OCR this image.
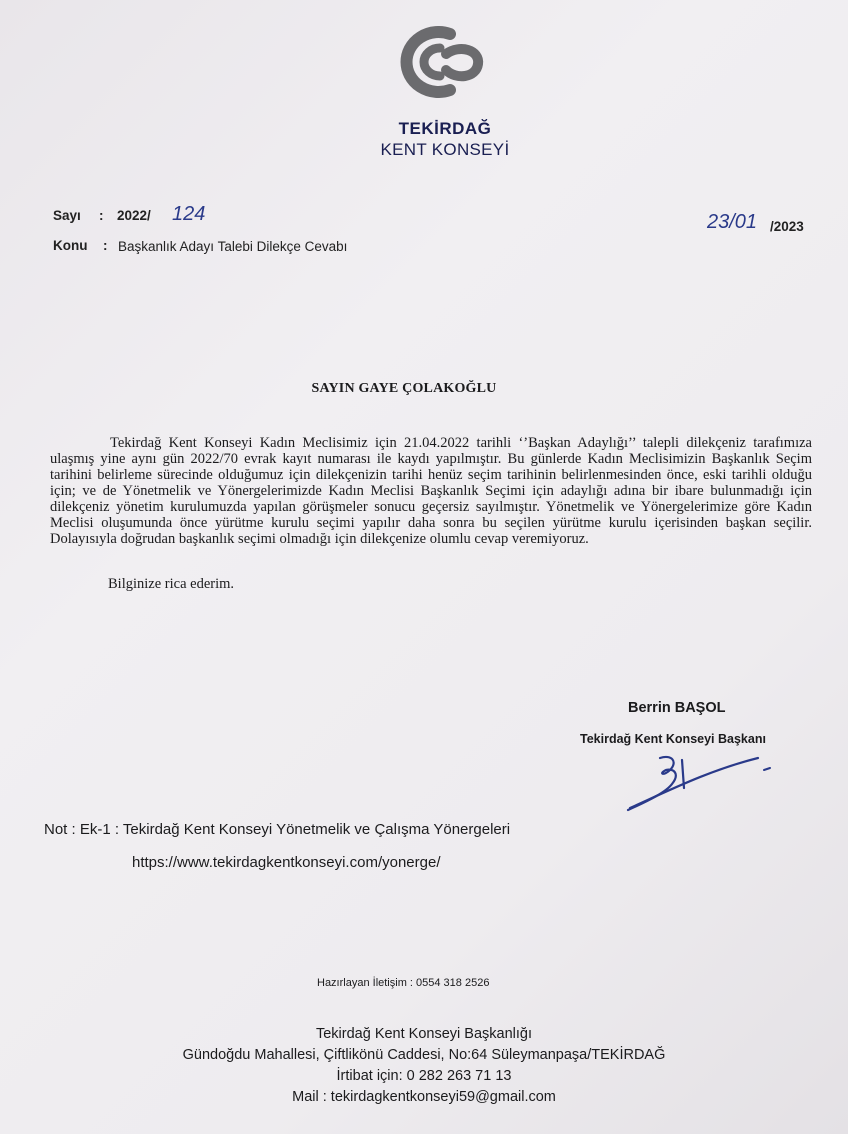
TEKİRDAĞ
KENT KONSEYİ
Sayı : 2022/ 124	23/01 /2023
Konu : Başkanlık Adayı Talebi Dilekçe Cevabı
SAYIN GAYE ÇOLAKOĞLU

Tekirdağ Kent Konseyi Kadın Meclisimiz için 21.04.2022 tarihli ‘’Başkan Adaylığı’’ talepli dilekçeniz tarafımıza ulaşmış yine aynı gün 2022/70 evrak kayıt numarası ile kaydı yapılmıştır. Bu günlerde Kadın Meclisimizin Başkanlık Seçim tarihini belirleme sürecinde olduğumuz için dilekçenizin tarihi henüz seçim tarihinin belirlenmesinden önce, eski tarihli olduğu için; ve de Yönetmelik ve Yönergelerimizde Kadın Meclisi Başkanlık Seçimi için adaylığı adına bir ibare bulunmadığı için dilekçeniz yönetim kurulumuzda yapılan görüşmeler sonucu geçersiz sayılmıştır. Yönetmelik ve Yönergelerimize göre Kadın Meclisi oluşumunda önce yürütme kurulu seçimi yapılır daha sonra bu seçilen yürütme kurulu içerisinden başkan seçilir. Dolayısıyla doğrudan başkanlık seçimi olmadığı için dilekçenize olumlu cevap veremiyoruz.

Bilginize rica ederim.
Berrin BAŞOL
Tekirdağ Kent Konseyi Başkanı
Not : Ek-1 : Tekirdağ Kent Konseyi Yönetmelik ve Çalışma Yönergeleri
https://www.tekirdagkentkonseyi.com/yonerge/
Hazırlayan İletişim : 0554 318 2526
Tekirdağ Kent Konseyi Başkanlığı
Gündoğdu Mahallesi, Çiftlikönü Caddesi, No:64 Süleymanpaşa/TEKİRDAĞ
İrtibat için: 0 282 263 71 13
Mail : tekirdagkentkonseyi59@gmail.com
